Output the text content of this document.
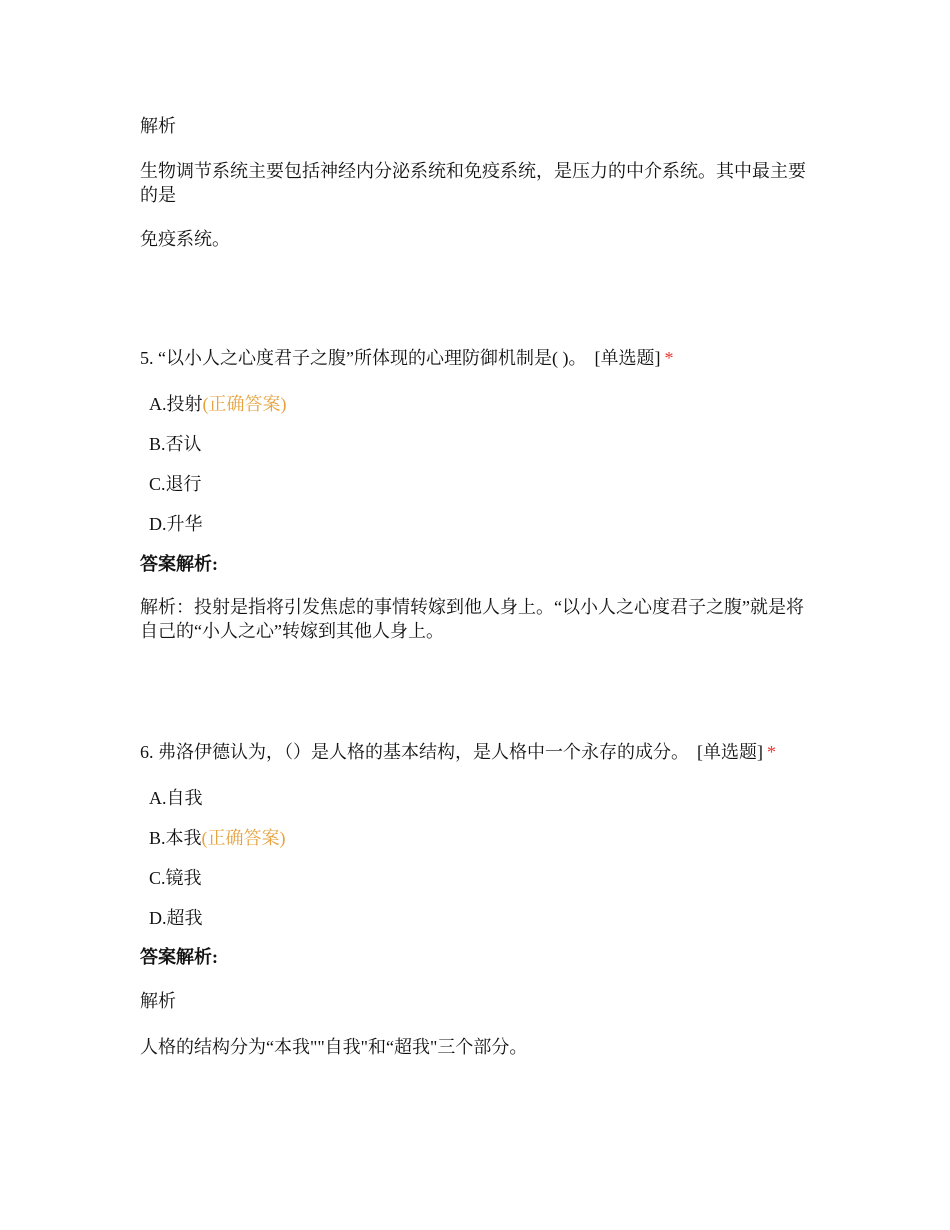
解析
生物调节系统主要包括神经内分泌系统和免疫系统，是压力的中介系统。其中最主要的是
免疫系统。
5. “以小人之心度君子之腹”所体现的心理防御机制是( )。 [单选题] *
A.投射(正确答案)
B.否认
C.退行
D.升华
答案解析:
解析：投射是指将引发焦虑的事情转嫁到他人身上。“以小人之心度君子之腹”就是将自己的“小人之心”转嫁到其他人身上。
6. 弗洛伊德认为，（）是人格的基本结构，是人格中一个永存的成分。 [单选题] *
A.自我
B.本我(正确答案)
C.镜我
D.超我
答案解析:
解析
人格的结构分为“本我""自我"和“超我"三个部分。
